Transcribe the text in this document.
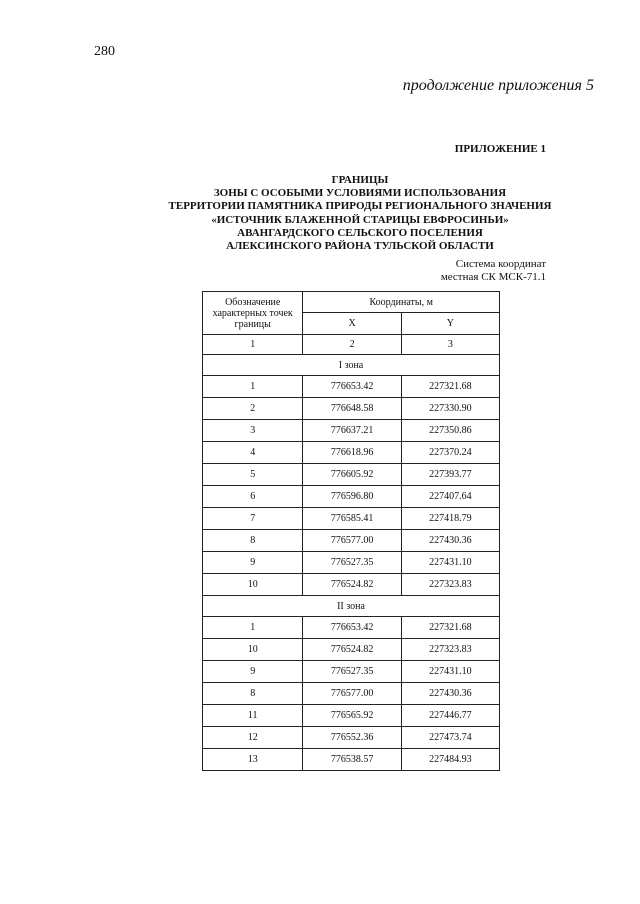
280
продолжение приложения 5
ПРИЛОЖЕНИЕ 1
ГРАНИЦЫ
ЗОНЫ С ОСОБЫМИ УСЛОВИЯМИ ИСПОЛЬЗОВАНИЯ
ТЕРРИТОРИИ ПАМЯТНИКА ПРИРОДЫ РЕГИОНАЛЬНОГО ЗНАЧЕНИЯ
«ИСТОЧНИК БЛАЖЕННОЙ СТАРИЦЫ ЕВФРОСИНЬИ»
АВАНГАРДСКОГО СЕЛЬСКОГО ПОСЕЛЕНИЯ
АЛЕКСИНСКОГО РАЙОНА ТУЛЬСКОЙ ОБЛАСТИ
Система координат
местная СК МСК-71.1
Обозначение характерных точек границы	Координаты, м	
	X	Y
1	2	3
I зона		
1	776653.42	227321.68
2	776648.58	227330.90
3	776637.21	227350.86
4	776618.96	227370.24
5	776605.92	227393.77
6	776596.80	227407.64
7	776585.41	227418.79
8	776577.00	227430.36
9	776527.35	227431.10
10	776524.82	227323.83
II зона		
1	776653.42	227321.68
10	776524.82	227323.83
9	776527.35	227431.10
8	776577.00	227430.36
11	776565.92	227446.77
12	776552.36	227473.74
13	776538.57	227484.93
